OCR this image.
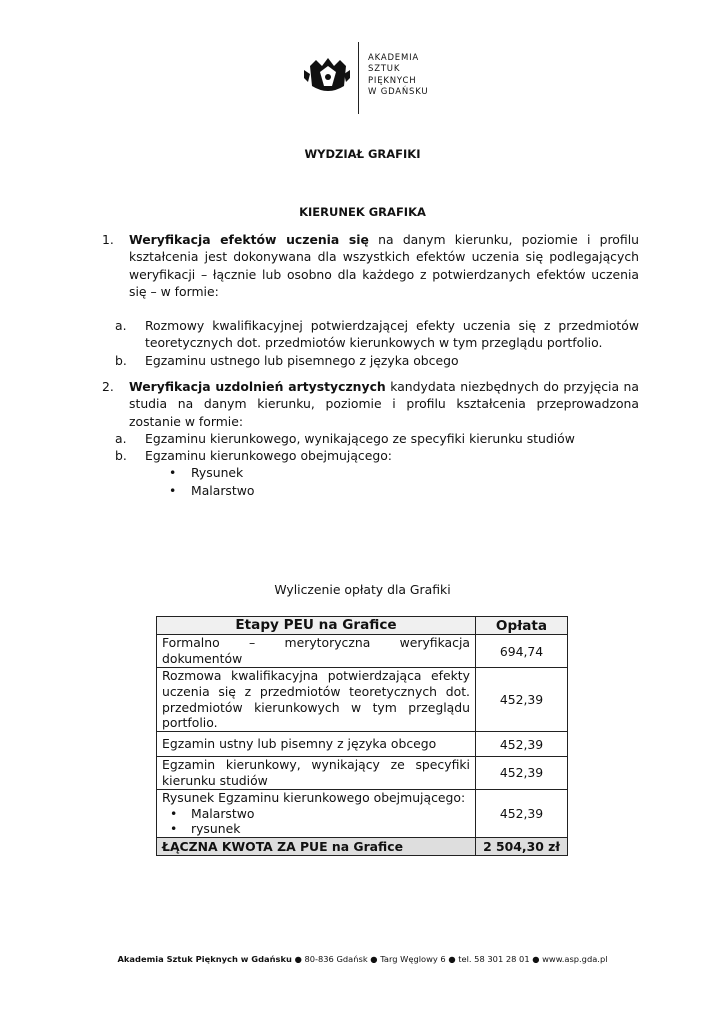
AKADEMIA
SZTUK
PIĘKNYCH
W GDAŃSKU
WYDZIAŁ GRAFIKI
KIERUNEK GRAFIKA
1.	Weryfikacja efektów uczenia się na danym kierunku, poziomie i profilu kształcenia jest dokonywana dla wszystkich efektów uczenia się podlegających weryfikacji – łącznie lub osobno dla każdego z potwierdzanych efektów uczenia się – w formie:
a. Rozmowy kwalifikacyjnej potwierdzającej efekty uczenia się z przedmiotów teoretycznych dot. przedmiotów kierunkowych w tym przeglądu portfolio.
b. Egzaminu ustnego lub pisemnego z języka obcego
2.	Weryfikacja uzdolnień artystycznych kandydata niezbędnych do przyjęcia na studia na danym kierunku, poziomie i profilu kształcenia przeprowadzona zostanie w formie:
a. Egzaminu kierunkowego, wynikającego ze specyfiki kierunku studiów
b. Egzaminu kierunkowego obejmującego:
• Rysunek
• Malarstwo
Wyliczenie opłaty dla Grafiki
Etapy PEU na Grafice	Opłata
Formalno – merytoryczna weryfikacja dokumentów	694,74
Rozmowa kwalifikacyjna potwierdzająca efekty uczenia się z przedmiotów teoretycznych dot. przedmiotów kierunkowych w tym przeglądu portfolio.	452,39
Egzamin ustny lub pisemny z języka obcego	452,39
Egzamin kierunkowy, wynikający ze specyfiki kierunku studiów	452,39

Rysunek Egzaminu kierunkowego obejmującego:
• Malarstwo
• rysunek	452,39
ŁĄCZNA KWOTA ZA PUE na Grafice	2 504,30 zł
Akademia Sztuk Pięknych w Gdańsku ● 80-836 Gdańsk ● Targ Węglowy 6 ● tel. 58 301 28 01 ● www.asp.gda.pl
